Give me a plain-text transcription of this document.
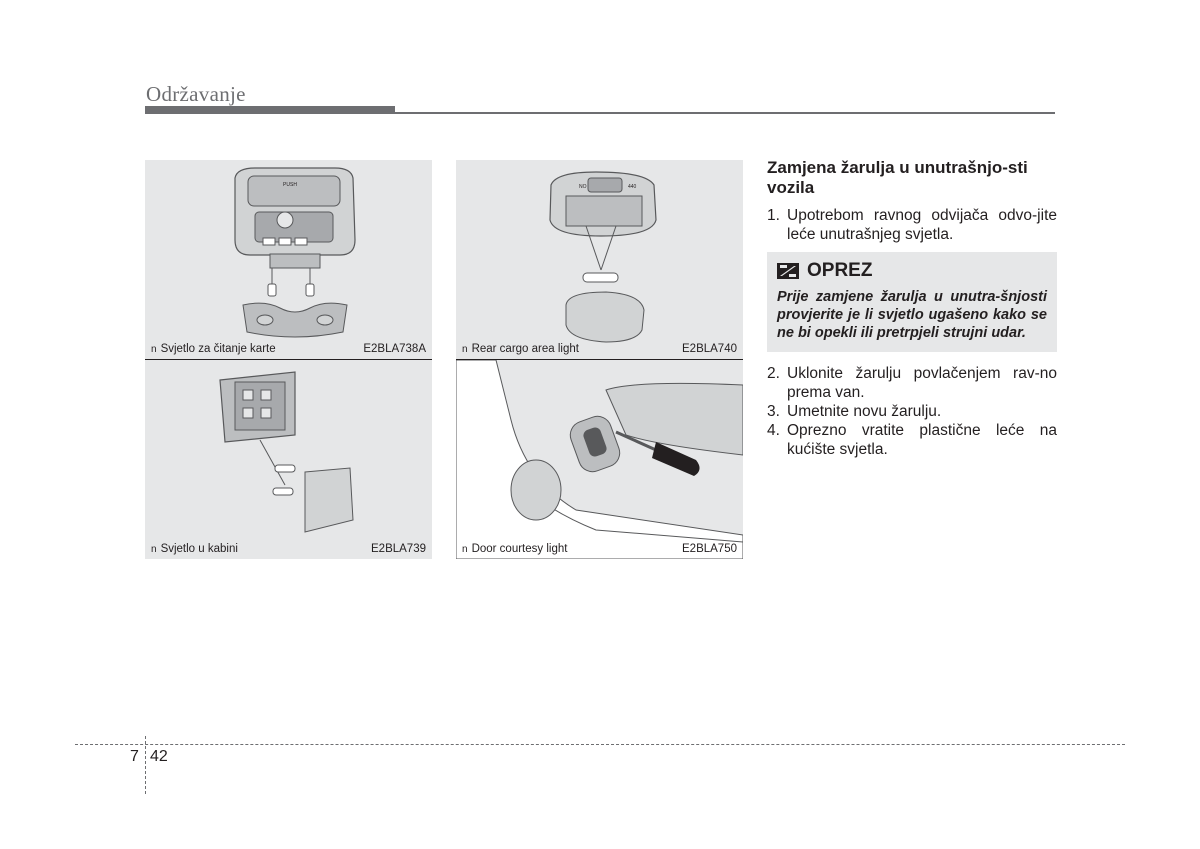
Održavanje
PUSH
n Svjetlo za čitanje karte	E2BLA738A
NO	440
n Rear cargo area light	E2BLA740
n Svjetlo u kabini	E2BLA739	n Door courtesy light	E2BLA750
Zamjena žarulja u unutrašnjo-sti vozila
1. Upotrebom ravnog odvijača odvo-jite leće unutrašnjeg svjetla.
OPREZ
Prije zamjene žarulja u unutra-šnjosti provjerite je li svjetlo ugašeno kako se ne bi opekli ili pretrpjeli strujni udar.
2. Uklonite žarulju povlačenjem rav-no prema van.
3. Umetnite novu žarulju.
4. Oprezno vratite plastične leće na kućište svjetla.
7 42
